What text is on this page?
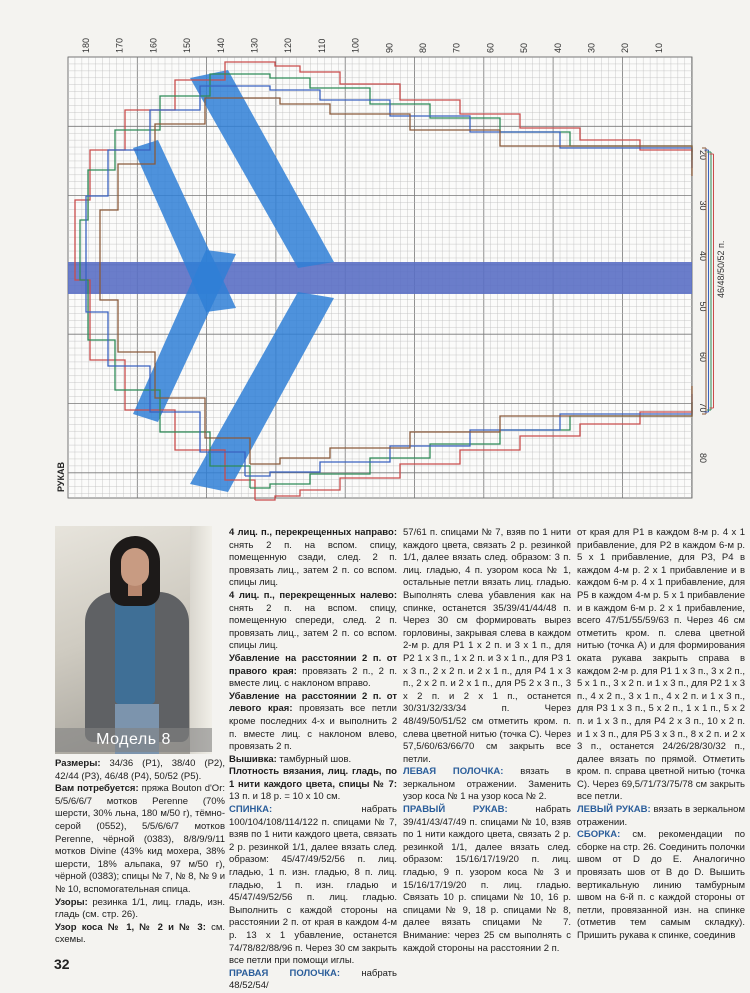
180	170	160	150	140	130	120	110	100	90	80	70	60	50	40	30	20	10
20
30
40
50
60
70
80
46/48/50/52 п.
РУКАВ
Модель 8
Размеры: 34/36 (Р1), 38/40 (Р2), 42/44 (Р3), 46/48 (Р4), 50/52 (Р5).
Вам потребуется: пряжа Bouton d'Or: 5/5/6/6/7 мотков Perenne (70% шерсти, 30% льна, 180 м/50 г), тёмно-серой (0552), 5/5/6/6/7 мотков Perenne, чёрной (0383), 8/8/9/9/11 мотков Divine (43% кид мохера, 38% шерсти, 18% альпака, 97 м/50 г), чёрной (0383); спицы № 7, № 8, № 9 и № 10, вспомогательная спица.
Узоры: резинка 1/1, лиц. гладь, изн. гладь (см. стр. 26).
Узор коса № 1, № 2 и № 3: см. схемы.
4 лиц. п., перекрещенных направо: снять 2 п. на вспом. спицу, помещенную сзади, след. 2 п. провязать лиц., затем 2 п. со вспом. спицы лиц.
4 лиц. п., перекрещенных налево: снять 2 п. на вспом. спицу, помещенную спереди, след. 2 п. провязать лиц., затем 2 п. со вспом. спицы лиц.
Убавление на расстоянии 2 п. от правого края: провязать 2 п., 2 п. вместе лиц. с наклоном вправо.
Убавление на расстоянии 2 п. от левого края: провязать все петли кроме последних 4-х и выполнить 2 п. вместе лиц. с наклоном влево, провязать 2 п.
Вышивка: тамбурный шов.
Плотность вязания, лиц. гладь, по 1 нити каждого цвета, спицы № 7: 13 п. и 18 р. = 10 х 10 см.
СПИНКА: набрать 100/104/108/114/122 п. спицами № 7, взяв по 1 нити каждого цвета, связать 2 р. резинкой 1/1, далее вязать след. образом: 45/47/49/52/56 п. лиц. гладью, 1 п. изн. гладью, 8 п. лиц. гладью, 1 п. изн. гладью и 45/47/49/52/56 п. лиц. гладью. Выполнить с каждой стороны на расстоянии 2 п. от края в каждом 4-м р. 13 х 1 убавление, останется 74/78/82/88/96 п. Через 30 см закрыть все петли при помощи иглы.
ПРАВАЯ ПОЛОЧКА: набрать 48/52/54/
57/61 п. спицами № 7, взяв по 1 нити каждого цвета, связать 2 р. резинкой 1/1, далее вязать след. образом: 3 п. лиц. гладью, 4 п. узором коса № 1, остальные петли вязать лиц. гладью. Выполнять слева убавления как на спинке, останется 35/39/41/44/48 п. Через 30 см формировать вырез горловины, закрывая слева в каждом 2-м р. для Р1 1 х 2 п. и 3 х 1 п., для Р2 1 х 3 п., 1 х 2 п. и 3 х 1 п., для Р3 1 х 3 п., 2 х 2 п. и 2 х 1 п., для Р4 1 х 3 п., 2 х 2 п. и 2 х 1 п., для Р5 2 х 3 п., 3 х 2 п. и 2 х 1 п., останется 30/31/32/33/34 п. Через 48/49/50/51/52 см отметить кром. п. слева цветной нитью (точка С). Через 57,5/60/63/66/70 см закрыть все петли.
ЛЕВАЯ ПОЛОЧКА: вязать в зеркальном отражении. Заменить узор коса № 1 на узор коса № 2.
ПРАВЫЙ РУКАВ: набрать 39/41/43/47/49 п. спицами № 10, взяв по 1 нити каждого цвета, связать 2 р. резинкой 1/1, далее вязать след. образом: 15/16/17/19/20 п. лиц. гладью, 9 п. узором коса № 3 и 15/16/17/19/20 п. лиц. гладью. Связать 10 р. спицами № 10, 16 р. спицами № 9, 18 р. спицами № 8, далее вязать спицами № 7. Внимание: через 25 см выполнять с каждой стороны на расстоянии 2 п.
от края для Р1 в каждом 8-м р. 4 х 1 прибавление, для Р2 в каждом 6-м р. 5 х 1 прибавление, для Р3, Р4 в каждом 4-м р. 2 х 1 прибавление и в каждом 6-м р. 4 х 1 прибавление, для Р5 в каждом 4-м р. 5 х 1 прибавление и в каждом 6-м р. 2 х 1 прибавление, всего 47/51/55/59/63 п. Через 46 см отметить кром. п. слева цветной нитью (точка А) и для формирования оката рукава закрыть справа в каждом 2-м р. для Р1 1 х 3 п., 3 х 2 п., 5 х 1 п., 3 х 2 п. и 1 х 3 п., для Р2 1 х 3 п., 4 х 2 п., 3 х 1 п., 4 х 2 п. и 1 х 3 п., для Р3 1 х 3 п., 5 х 2 п., 1 х 1 п., 5 х 2 п. и 1 х 3 п., для Р4 2 х 3 п., 10 х 2 п. и 1 х 3 п., для Р5 3 х 3 п., 8 х 2 п. и 2 х 3 п., останется 24/26/28/30/32 п., далее вязать по прямой. Отметить кром. п. справа цветной нитью (точка С). Через 69,5/71/73/75/78 см закрыть все петли.
ЛЕВЫЙ РУКАВ: вязать в зеркальном отражении.
СБОРКА: см. рекомендации по сборке на стр. 26. Соединить полочки швом от D до E. Аналогично провязать шов от В до D. Вышить вертикальную линию тамбурным швом на 6-й п. с каждой стороны от петли, провязанной изн. на спинке (отметив тем самым складку). Пришить рукава к спинке, соединив
32
